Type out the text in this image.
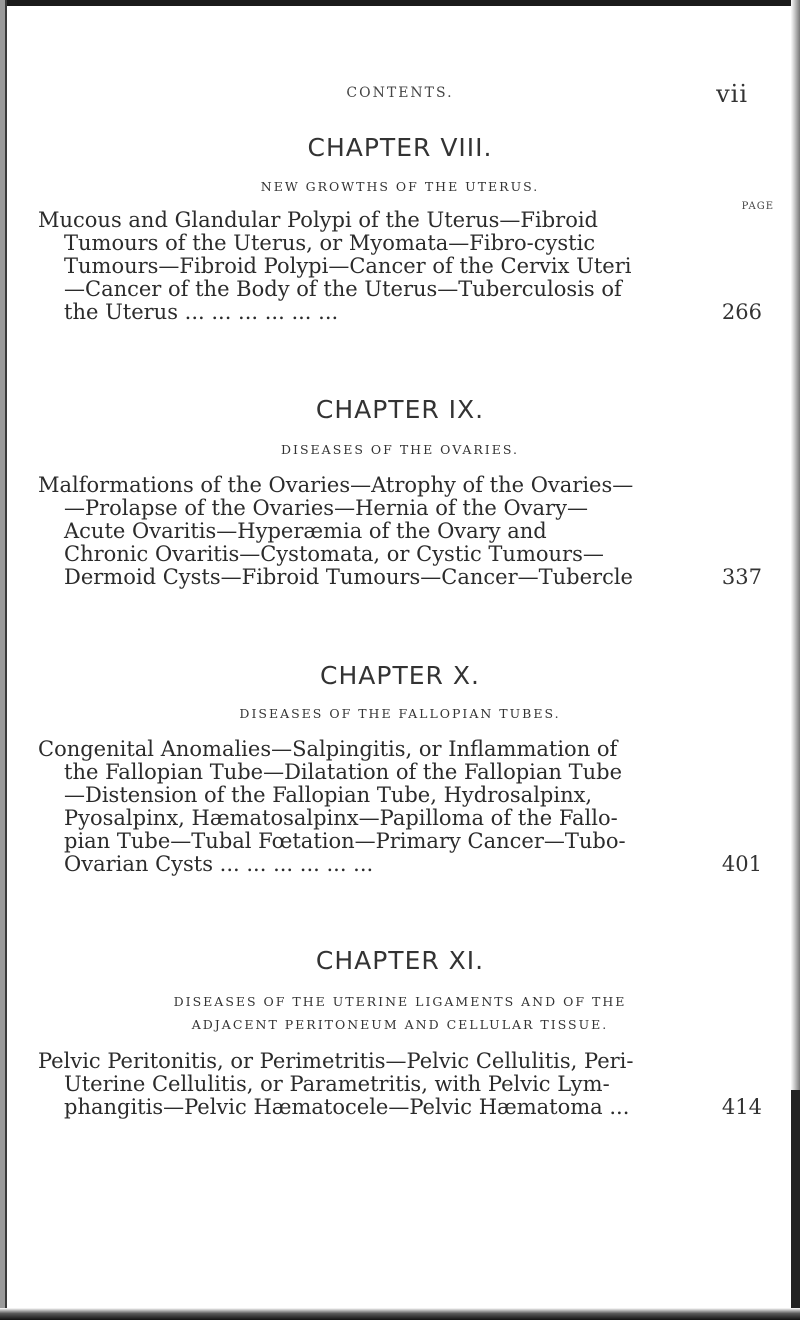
CONTENTS.	vii
CHAPTER VIII.
NEW GROWTHS OF THE UTERUS.
PAGE
Mucous and Glandular Polypi of the Uterus—Fibroid
Tumours of the Uterus, or Myomata—Fibro-cystic
Tumours—Fibroid Polypi—Cancer of the Cervix Uteri
—Cancer of the Body of the Uterus—Tuberculosis of
the Uterus ... ... ... ... ... ...	266
CHAPTER IX.
DISEASES OF THE OVARIES.
Malformations of the Ovaries—Atrophy of the Ovaries—
—Prolapse of the Ovaries—Hernia of the Ovary—
Acute Ovaritis—Hyperæmia of the Ovary and
Chronic Ovaritis—Cystomata, or Cystic Tumours—
Dermoid Cysts—Fibroid Tumours—Cancer—Tubercle	337
CHAPTER X.
DISEASES OF THE FALLOPIAN TUBES.
Congenital Anomalies—Salpingitis, or Inflammation of
the Fallopian Tube—Dilatation of the Fallopian Tube
—Distension of the Fallopian Tube, Hydrosalpinx,
Pyosalpinx, Hæmatosalpinx—Papilloma of the Fallo-
pian Tube—Tubal Fœtation—Primary Cancer—Tubo-
Ovarian Cysts ... ... ... ... ... ...	401
CHAPTER XI.
DISEASES OF THE UTERINE LIGAMENTS AND OF THE
ADJACENT PERITONEUM AND CELLULAR TISSUE.
Pelvic Peritonitis, or Perimetritis—Pelvic Cellulitis, Peri-
Uterine Cellulitis, or Parametritis, with Pelvic Lym-
phangitis—Pelvic Hæmatocele—Pelvic Hæmatoma ...	414
